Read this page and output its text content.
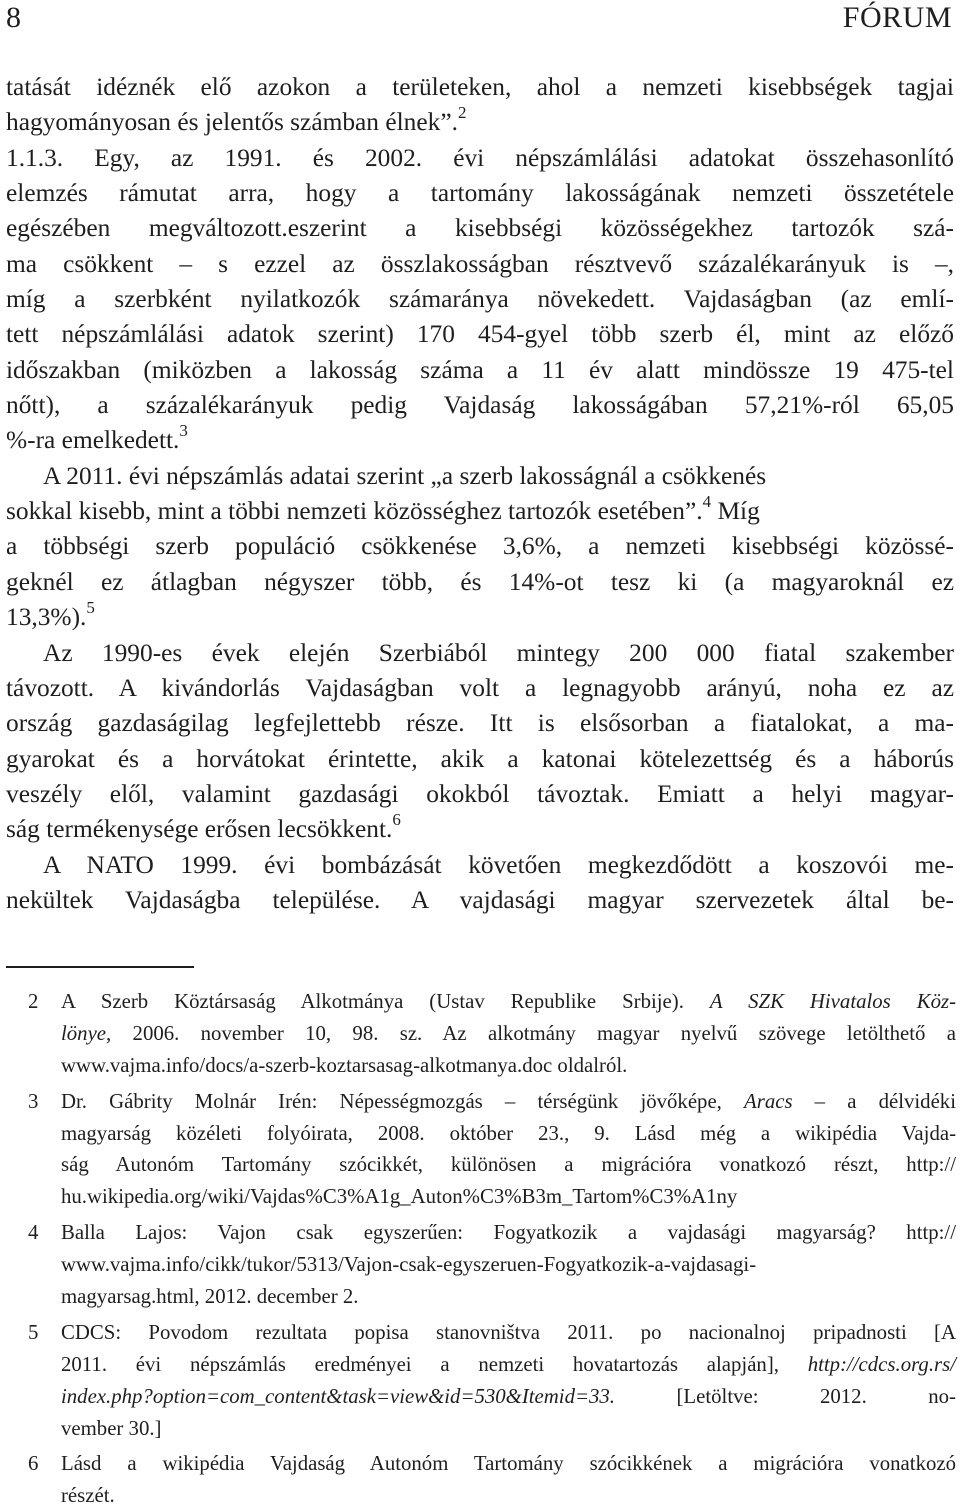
8	FÓRUM
tatását idéznék elő azokon a területeken, ahol a nemzeti kisebbségek tagjai
hagyományosan és jelentős számban élnek”.$^2$
1.1.3. Egy, az 1991. és 2002. évi népszámlálási adatokat összehasonlító
elemzés rámutat arra, hogy a tartomány lakosságának nemzeti összetétele
egészében megváltozott.eszerint a kisebbségi közösségekhez tartozók szá-
ma csökkent – s ezzel az összlakosságban résztvevő százalékarányuk is –,
míg a szerbként nyilatkozók számaránya növekedett. Vajdaságban (az emlí-
tett népszámlálási adatok szerint) 170 454-gyel több szerb él, mint az előző
időszakban (miközben a lakosság száma a 11 év alatt mindössze 19 475-tel
nőtt), a százalékarányuk pedig Vajdaság lakosságában 57,21%-ról 65,05
%-ra emelkedett.$^3$
A 2011. évi népszámlás adatai szerint „a szerb lakosságnál a csökkenés
sokkal kisebb, mint a többi nemzeti közösséghez tartozók esetében”.$^4$ Míg
a többségi szerb populáció csökkenése 3,6%, a nemzeti kisebbségi közössé-
geknél ez átlagban négyszer több, és 14%-ot tesz ki (a magyaroknál ez
13,3%).$^5$
Az 1990-es évek elején Szerbiából mintegy 200 000 fiatal szakember
távozott. A kivándorlás Vajdaságban volt a legnagyobb arányú, noha ez az
ország gazdaságilag legfejlettebb része. Itt is elsősorban a fiatalokat, a ma-
gyarokat és a horvátokat érintette, akik a katonai kötelezettség és a háborús
veszély elől, valamint gazdasági okokból távoztak. Emiatt a helyi magyar-
ság termékenysége erősen lecsökkent.$^6$
A NATO 1999. évi bombázását követően megkezdődött a koszovói me-
nekültek Vajdaságba települése. A vajdasági magyar szervezetek által be-
2 A Szerb Köztársaság Alkotmánya (Ustav Republike Srbije). A SZK Hivatalos Köz-
lönye, 2006. november 10, 98. sz. Az alkotmány magyar nyelvű szövege letölthető a
www.vajma.info/docs/a-szerb-koztarsasag-alkotmanya.doc oldalról.
3 Dr. Gábrity Molnár Irén: Népességmozgás – térségünk jövőképe, Aracs – a délvidéki
magyarság közéleti folyóirata, 2008. október 23., 9. Lásd még a wikipédia Vajda-
ság Autonóm Tartomány szócikkét, különösen a migrációra vonatkozó részt, http://
hu.wikipedia.org/wiki/Vajdas%C3%A1g_Auton%C3%B3m_Tartom%C3%A1ny
4 Balla Lajos: Vajon csak egyszerűen: Fogyatkozik a vajdasági magyarság? http://
www.vajma.info/cikk/tukor/5313/Vajon-csak-egyszeruen-Fogyatkozik-a-vajdasagi-
magyarsag.html, 2012. december 2.
5 CDCS: Povodom rezultata popisa stanovništva 2011. po nacionalnoj pripadnosti [A
2011. évi népszámlás eredményei a nemzeti hovatartozás alapján], http://cdcs.org.rs/
index.php?option=com_content&task=view&id=530&Itemid=33. [Letöltve: 2012. no-
vember 30.]
6 Lásd a wikipédia Vajdaság Autonóm Tartomány szócikkének a migrációra vonatkozó
részét.
